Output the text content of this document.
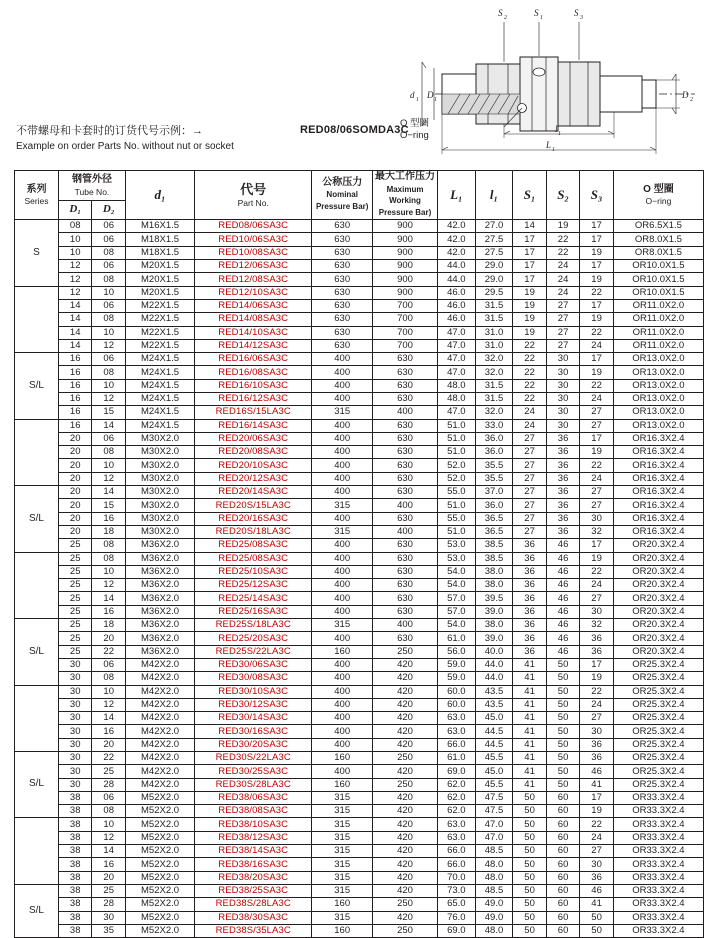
S 2	S 1	S 3
d 1 D 1	D 2
l 1
L 1
O 型圈
O−ring
不带螺母和卡套时的订货代号示例：→
Example on order Parts No. without nut or socket
RED08/06SOMDA3C
系列
Series	钢管外径
Tube No.		d₁	代号
Part No.	公称压力
Nominal Pressure Bar)	最大工作压力
Maximum Working Pressure Bar)	L₁	l₁	S₁	S₂	S₃	O 型圈
O−ring

	D₁	D₂										
S	08	06	M16X1.5	RED08/06SA3C	630	900	42.0	27.0	14	19	17	OR6.5X1.5
	10	06	M18X1.5	RED10/06SA3C	630	900	42.0	27.5	17	22	17	OR8.0X1.5
	10	08	M18X1.5	RED10/08SA3C	630	900	42.0	27.5	17	22	19	OR8.0X1.5
	12	06	M20X1.5	RED12/06SA3C	630	900	44.0	29.0	17	24	17	OR10.0X1.5
	12	08	M20X1.5	RED12/08SA3C	630	900	44.0	29.0	17	24	19	OR10.0X1.5
	12	10	M20X1.5	RED12/10SA3C	630	900	46.0	29.5	19	24	22	OR10.0X1.5
	14	06	M22X1.5	RED14/06SA3C	630	700	46.0	31.5	19	27	17	OR11.0X2.0
	14	08	M22X1.5	RED14/08SA3C	630	700	46.0	31.5	19	27	19	OR11.0X2.0
	14	10	M22X1.5	RED14/10SA3C	630	700	47.0	31.0	19	27	22	OR11.0X2.0
	14	12	M22X1.5	RED14/12SA3C	630	700	47.0	31.0	22	27	24	OR11.0X2.0
S/L	16	06	M24X1.5	RED16/06SA3C	400	630	47.0	32.0	22	30	17	OR13.0X2.0
	16	08	M24X1.5	RED16/08SA3C	400	630	47.0	32.0	22	30	19	OR13.0X2.0
	16	10	M24X1.5	RED16/10SA3C	400	630	48.0	31.5	22	30	22	OR13.0X2.0
	16	12	M24X1.5	RED16/12SA3C	400	630	48.0	31.5	22	30	24	OR13.0X2.0
	16	15	M24X1.5	RED16S/15LA3C	315	400	47.0	32.0	24	30	27	OR13.0X2.0
	16	14	M24X1.5	RED16/14SA3C	400	630	51.0	33.0	24	30	27	OR13.0X2.0
	20	06	M30X2.0	RED20/06SA3C	400	630	51.0	36.0	27	36	17	OR16.3X2.4
	20	08	M30X2.0	RED20/08SA3C	400	630	51.0	36.0	27	36	19	OR16.3X2.4
	20	10	M30X2.0	RED20/10SA3C	400	630	52.0	35.5	27	36	22	OR16.3X2.4
	20	12	M30X2.0	RED20/12SA3C	400	630	52.0	35.5	27	36	24	OR16.3X2.4
S/L	20	14	M30X2.0	RED20/14SA3C	400	630	55.0	37.0	27	36	27	OR16.3X2.4
	20	15	M30X2.0	RED20S/15LA3C	315	400	51.0	36.0	27	36	27	OR16.3X2.4
	20	16	M30X2.0	RED20/16SA3C	400	630	55.0	36.5	27	36	30	OR16.3X2.4
	20	18	M30X2.0	RED20S/18LA3C	315	400	51.0	36.5	27	36	32	OR16.3X2.4
	25	08	M36X2.0	RED25/08SA3C	400	630	53.0	38.5	36	46	17	OR20.3X2.4
	25	08	M36X2.0	RED25/08SA3C	400	630	53.0	38.5	36	46	19	OR20.3X2.4
	25	10	M36X2.0	RED25/10SA3C	400	630	54.0	38.0	36	46	22	OR20.3X2.4
	25	12	M36X2.0	RED25/12SA3C	400	630	54.0	38.0	36	46	24	OR20.3X2.4
	25	14	M36X2.0	RED25/14SA3C	400	630	57.0	39.5	36	46	27	OR20.3X2.4
	25	16	M36X2.0	RED25/16SA3C	400	630	57.0	39.0	36	46	30	OR20.3X2.4
S/L	25	18	M36X2.0	RED25S/18LA3C	315	400	54.0	38.0	36	46	32	OR20.3X2.4
	25	20	M36X2.0	RED25/20SA3C	400	630	61.0	39.0	36	46	36	OR20.3X2.4
	25	22	M36X2.0	RED25S/22LA3C	160	250	56.0	40.0	36	46	36	OR20.3X2.4
	30	06	M42X2.0	RED30/06SA3C	400	420	59.0	44.0	41	50	17	OR25.3X2.4
	30	08	M42X2.0	RED30/08SA3C	400	420	59.0	44.0	41	50	19	OR25.3X2.4
	30	10	M42X2.0	RED30/10SA3C	400	420	60.0	43.5	41	50	22	OR25.3X2.4
	30	12	M42X2.0	RED30/12SA3C	400	420	60.0	43.5	41	50	24	OR25.3X2.4
	30	14	M42X2.0	RED30/14SA3C	400	420	63.0	45.0	41	50	27	OR25.3X2.4
	30	16	M42X2.0	RED30/16SA3C	400	420	63.0	44.5	41	50	30	OR25.3X2.4
	30	20	M42X2.0	RED30/20SA3C	400	420	66.0	44.5	41	50	36	OR25.3X2.4
S/L	30	22	M42X2.0	RED30S/22LA3C	160	250	61.0	45.5	41	50	36	OR25.3X2.4
	30	25	M42X2.0	RED30/25SA3C	400	420	69.0	45.0	41	50	46	OR25.3X2.4
	30	28	M42X2.0	RED30S/28LA3C	160	250	62.0	45.5	41	50	41	OR25.3X2.4
	38	06	M52X2.0	RED38/06SA3C	315	420	62.0	47.5	50	60	17	OR33.3X2.4
	38	08	M52X2.0	RED38/08SA3C	315	420	62.0	47.5	50	60	19	OR33.3X2.4
	38	10	M52X2.0	RED38/10SA3C	315	420	63.0	47.0	50	60	22	OR33.3X2.4
	38	12	M52X2.0	RED38/12SA3C	315	420	63.0	47.0	50	60	24	OR33.3X2.4
	38	14	M52X2.0	RED38/14SA3C	315	420	66.0	48.5	50	60	27	OR33.3X2.4
	38	16	M52X2.0	RED38/16SA3C	315	420	66.0	48.0	50	60	30	OR33.3X2.4
	38	20	M52X2.0	RED38/20SA3C	315	420	70.0	48.0	50	60	36	OR33.3X2.4
S/L	38	25	M52X2.0	RED38/25SA3C	315	420	73.0	48.5	50	60	46	OR33.3X2.4
	38	28	M52X2.0	RED38S/28LA3C	160	250	65.0	49.0	50	60	41	OR33.3X2.4
	38	30	M52X2.0	RED38/30SA3C	315	420	76.0	49.0	50	60	50	OR33.3X2.4
	38	35	M52X2.0	RED38S/35LA3C	160	250	69.0	48.0	50	60	50	OR33.3X2.4
